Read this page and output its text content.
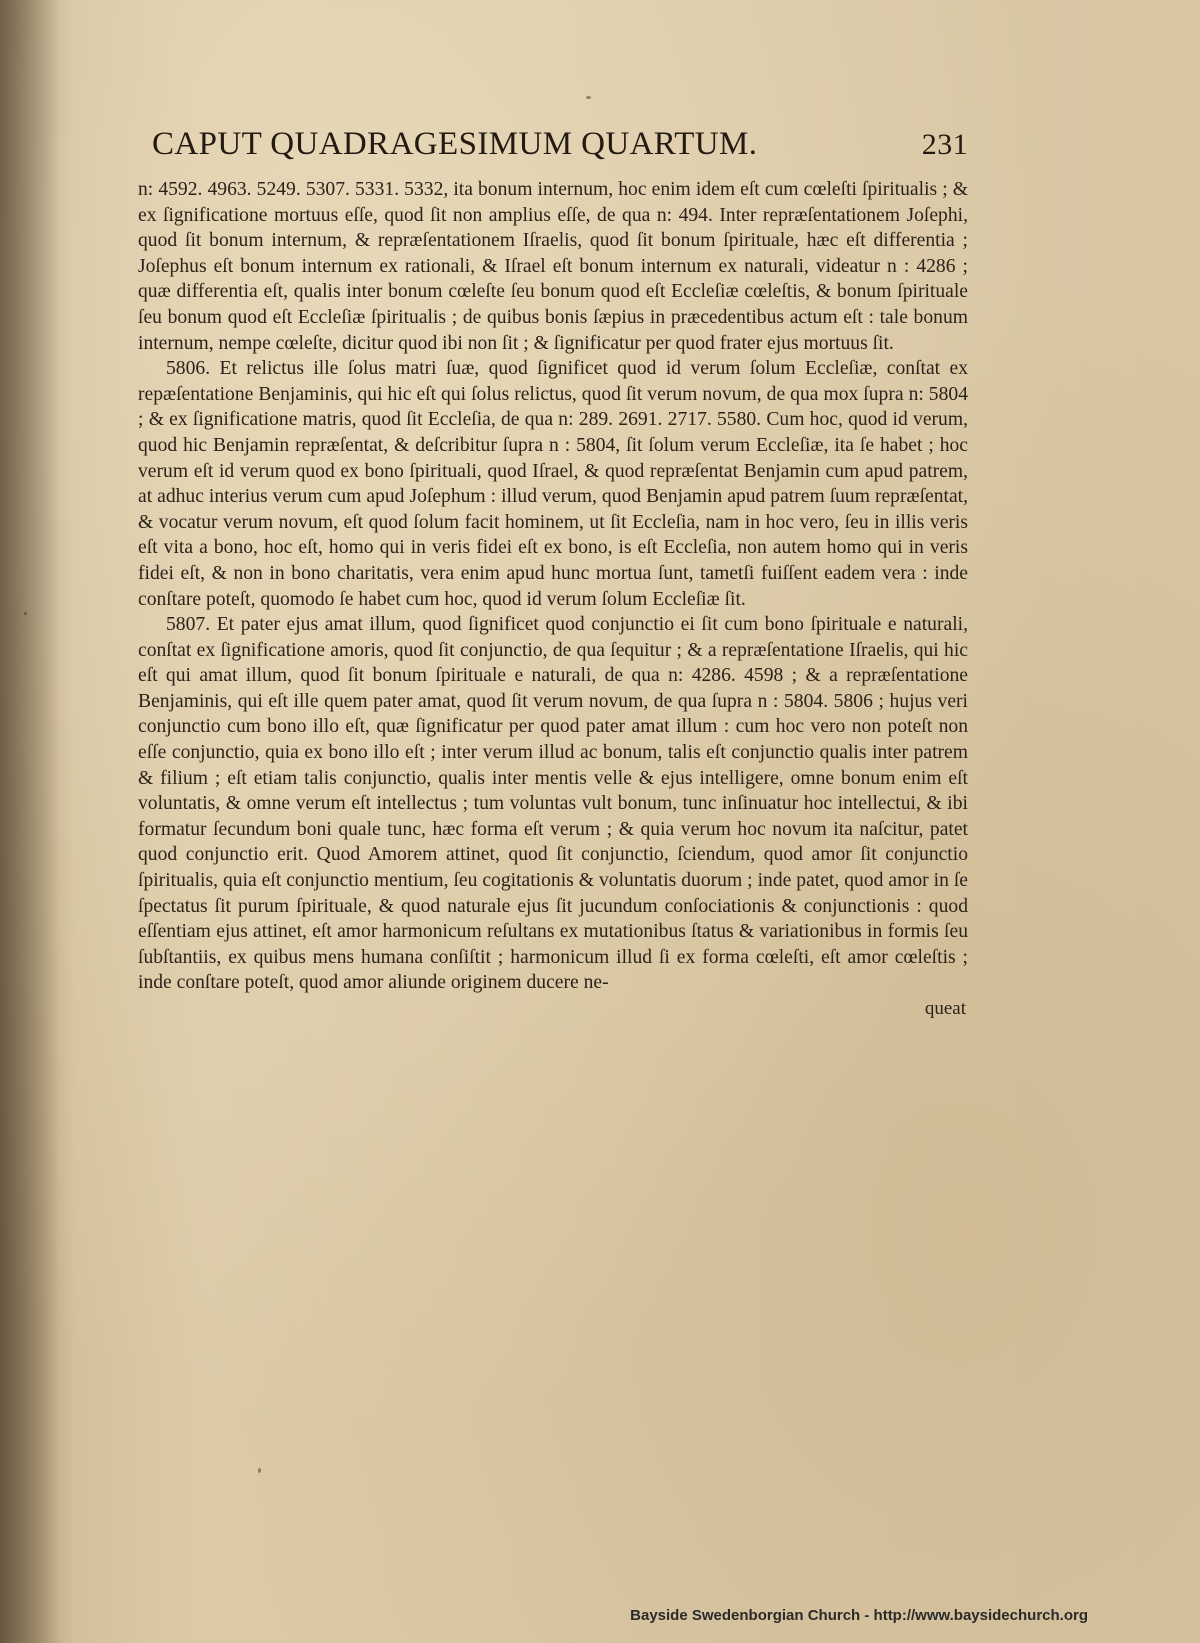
CAPUT QUADRAGESIMUM QUARTUM.	231

n: 4592. 4963. 5249. 5307. 5331. 5332, ita bonum internum, hoc enim idem eſt cum cœleſti ſpiritualis ; & ex ſignificatione mortuus eſſe, quod ſit non amplius eſſe, de qua n: 494. Inter repræſentationem Joſephi, quod ſit bonum internum, & repræſentationem Iſraelis, quod ſit bonum ſpirituale, hæc eſt differentia ; Joſephus eſt bonum internum ex rationali, & Iſrael eſt bonum internum ex naturali, videatur n : 4286 ; quæ differentia eſt, qualis inter bonum cœleſte ſeu bonum quod eſt Eccleſiæ cœleſtis, & bonum ſpirituale ſeu bonum quod eſt Eccleſiæ ſpiritualis ; de quibus bonis ſæpius in præcedentibus actum eſt : tale bonum internum, nempe cœleſte, dicitur quod ibi non ſit ; & ſignificatur per quod frater ejus mortuus ſit.

5806. Et relictus ille ſolus matri ſuæ, quod ſignificet quod id verum ſolum Eccleſiæ, conſtat ex repæſentatione Benjaminis, qui hic eſt qui ſolus relictus, quod ſit verum novum, de qua mox ſupra n: 5804 ; & ex ſignificatione matris, quod ſit Eccleſia, de qua n: 289. 2691. 2717. 5580. Cum hoc, quod id verum, quod hic Benjamin repræſentat, & deſcribitur ſupra n : 5804, ſit ſolum verum Eccleſiæ, ita ſe habet ; hoc verum eſt id verum quod ex bono ſpirituali, quod Iſrael, & quod repræſentat Benjamin cum apud patrem, at adhuc interius verum cum apud Joſephum : illud verum, quod Benjamin apud patrem ſuum repræſentat, & vocatur verum novum, eſt quod ſolum facit hominem, ut ſit Eccleſia, nam in hoc vero, ſeu in illis veris eſt vita a bono, hoc eſt, homo qui in veris fidei eſt ex bono, is eſt Eccleſia, non autem homo qui in veris fidei eſt, & non in bono charitatis, vera enim apud hunc mortua ſunt, tametſi fuiſſent eadem vera : inde conſtare poteſt, quomodo ſe habet cum hoc, quod id verum ſolum Eccleſiæ ſit.

5807. Et pater ejus amat illum, quod ſignificet quod conjunctio ei ſit cum bono ſpirituale e naturali, conſtat ex ſignificatione amoris, quod ſit conjunctio, de qua ſequitur ; & a repræſentatione Iſraelis, qui hic eſt qui amat illum, quod ſit bonum ſpirituale e naturali, de qua n: 4286. 4598 ; & a repræſentatione Benjaminis, qui eſt ille quem pater amat, quod ſit verum novum, de qua ſupra n : 5804. 5806 ; hujus veri conjunctio cum bono illo eſt, quæ ſignificatur per quod pater amat illum : cum hoc vero non poteſt non eſſe conjunctio, quia ex bono illo eſt ; inter verum illud ac bonum, talis eſt conjunctio qualis inter patrem & filium ; eſt etiam talis conjunctio, qualis inter mentis velle & ejus intelligere, omne bonum enim eſt voluntatis, & omne verum eſt intellectus ; tum voluntas vult bonum, tunc inſinuatur hoc intellectui, & ibi formatur ſecundum boni quale tunc, hæc forma eſt verum ; & quia verum hoc novum ita naſcitur, patet quod conjunctio erit. Quod Amorem attinet, quod ſit conjunctio, ſciendum, quod amor ſit conjunctio ſpiritualis, quia eſt conjunctio mentium, ſeu cogitationis & voluntatis duorum ; inde patet, quod amor in ſe ſpectatus ſit purum ſpirituale, & quod naturale ejus ſit jucundum conſociationis & conjunctionis : quod eſſentiam ejus attinet, eſt amor harmonicum reſultans ex mutationibus ſtatus & variationibus in formis ſeu ſubſtantiis, ex quibus mens humana conſiſtit ; harmonicum illud ſi ex forma cœleſti, eſt amor cœleſtis ; inde conſtare poteſt, quod amor aliunde originem ducere ne-

queat
Bayside Swedenborgian Church - http://www.baysidechurch.org
